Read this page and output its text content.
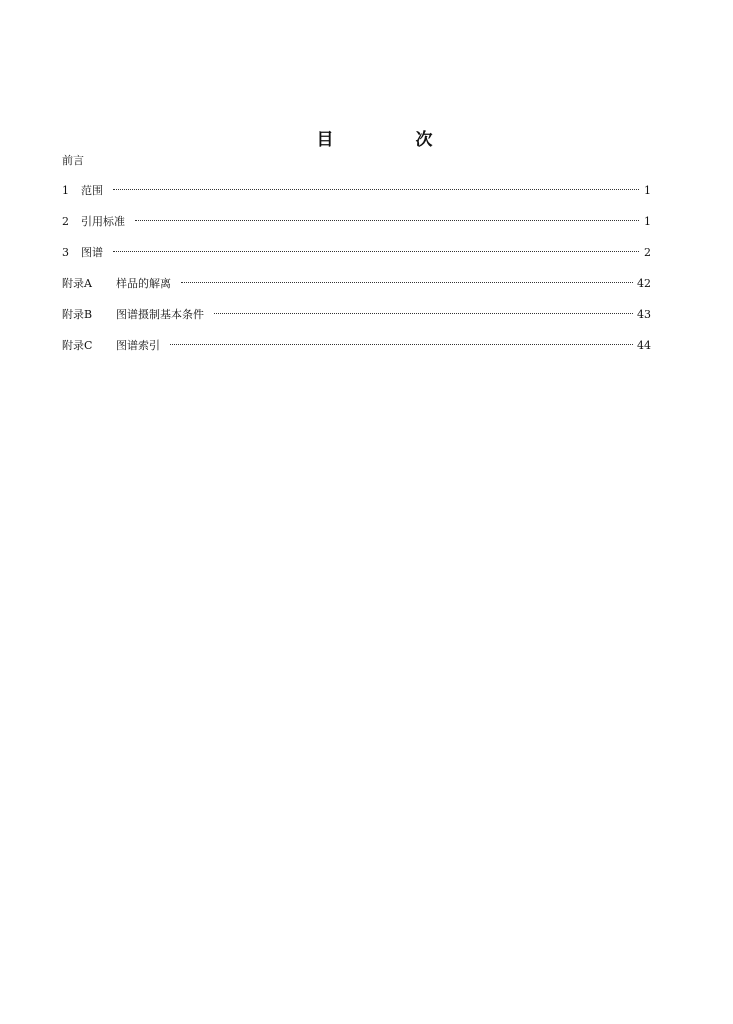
目 次
前言
1	范围	1
2	引用标准	1
3	图谱	2
附录A	样品的解离	42
附录B	图谱摄制基本条件	43
附录C	图谱索引	44
